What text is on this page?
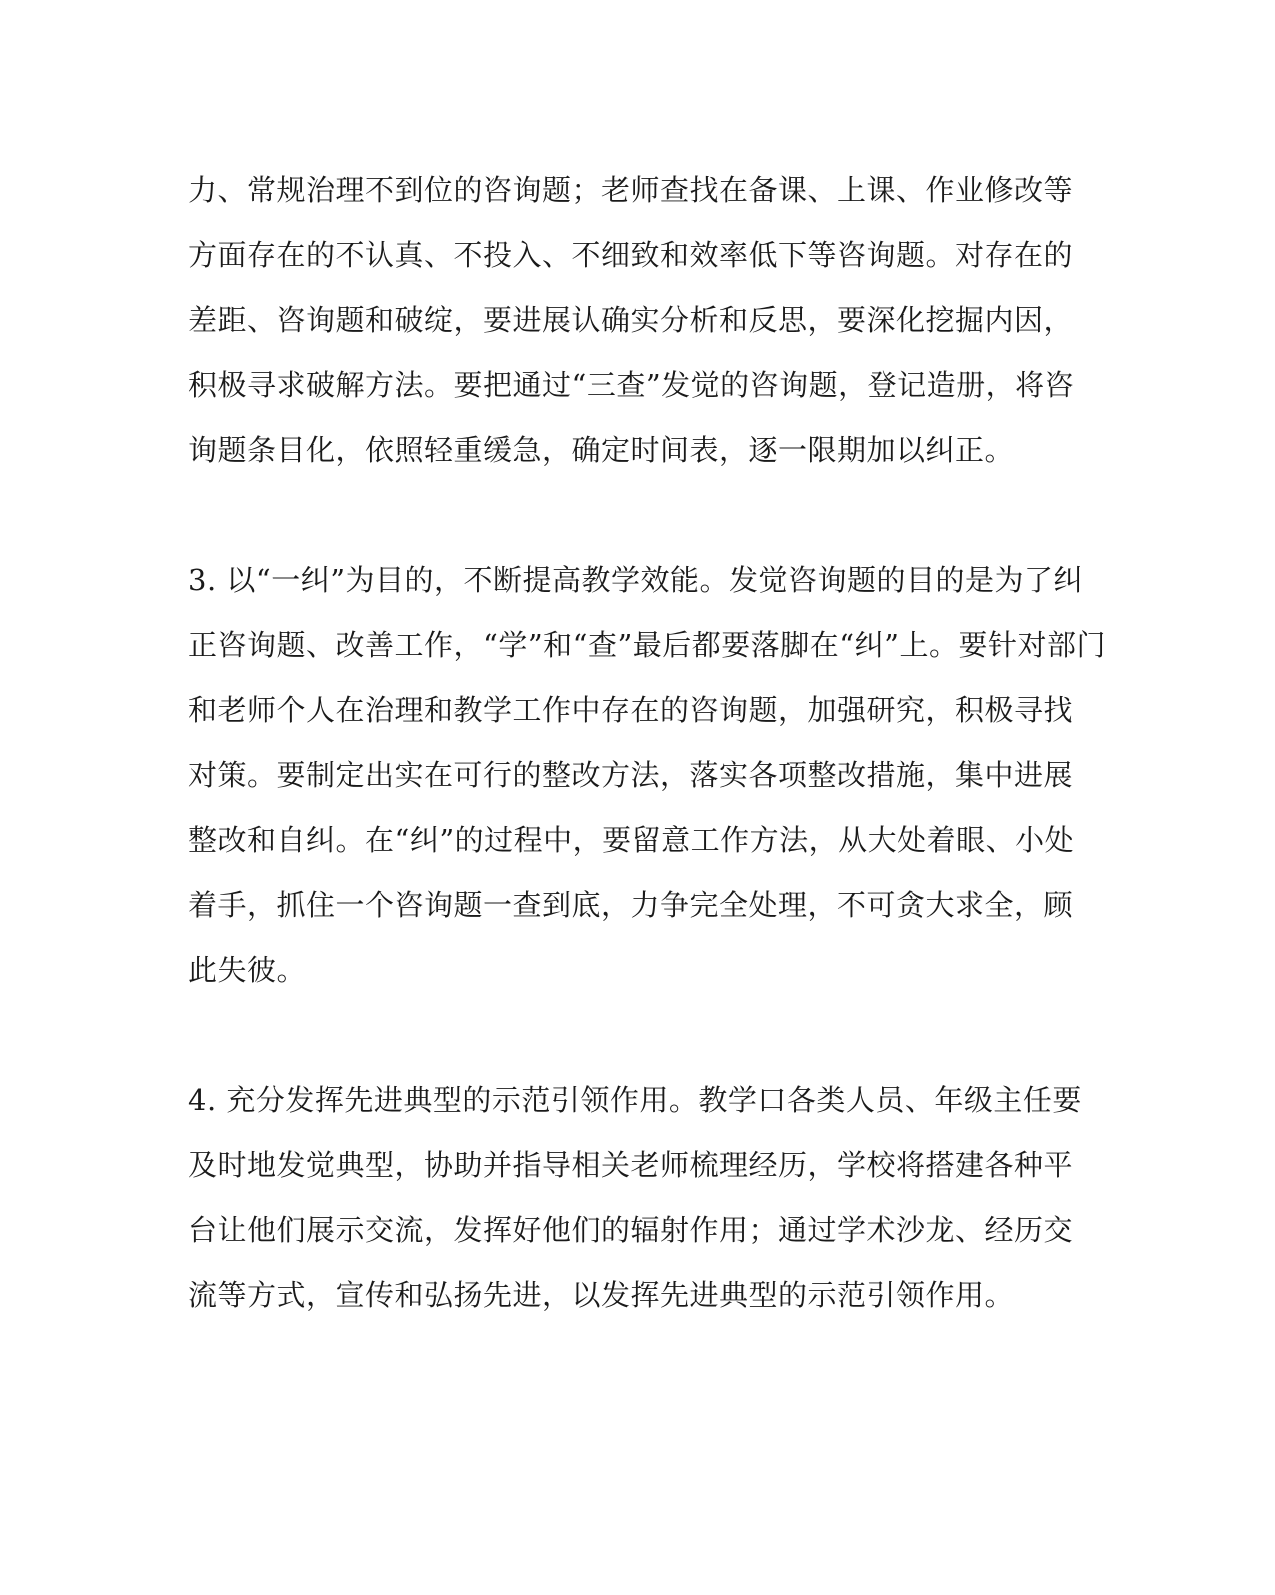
力、常规治理不到位的咨询题；老师查找在备课、上课、作业修改等
方面存在的不认真、不投入、不细致和效率低下等咨询题。对存在的
差距、咨询题和破绽，要进展认确实分析和反思，要深化挖掘内因，
积极寻求破解方法。要把通过“三查”发觉的咨询题，登记造册，将咨
询题条目化，依照轻重缓急，确定时间表，逐一限期加以纠正。
3. 以“一纠”为目的，不断提高教学效能。发觉咨询题的目的是为了纠
正咨询题、改善工作，“学”和“查”最后都要落脚在“纠”上。要针对部门
和老师个人在治理和教学工作中存在的咨询题，加强研究，积极寻找
对策。要制定出实在可行的整改方法，落实各项整改措施，集中进展
整改和自纠。在“纠”的过程中，要留意工作方法，从大处着眼、小处
着手，抓住一个咨询题一查到底，力争完全处理，不可贪大求全，顾
此失彼。
4. 充分发挥先进典型的示范引领作用。教学口各类人员、年级主任要
及时地发觉典型，协助并指导相关老师梳理经历，学校将搭建各种平
台让他们展示交流，发挥好他们的辐射作用；通过学术沙龙、经历交
流等方式，宣传和弘扬先进，以发挥先进典型的示范引领作用。
